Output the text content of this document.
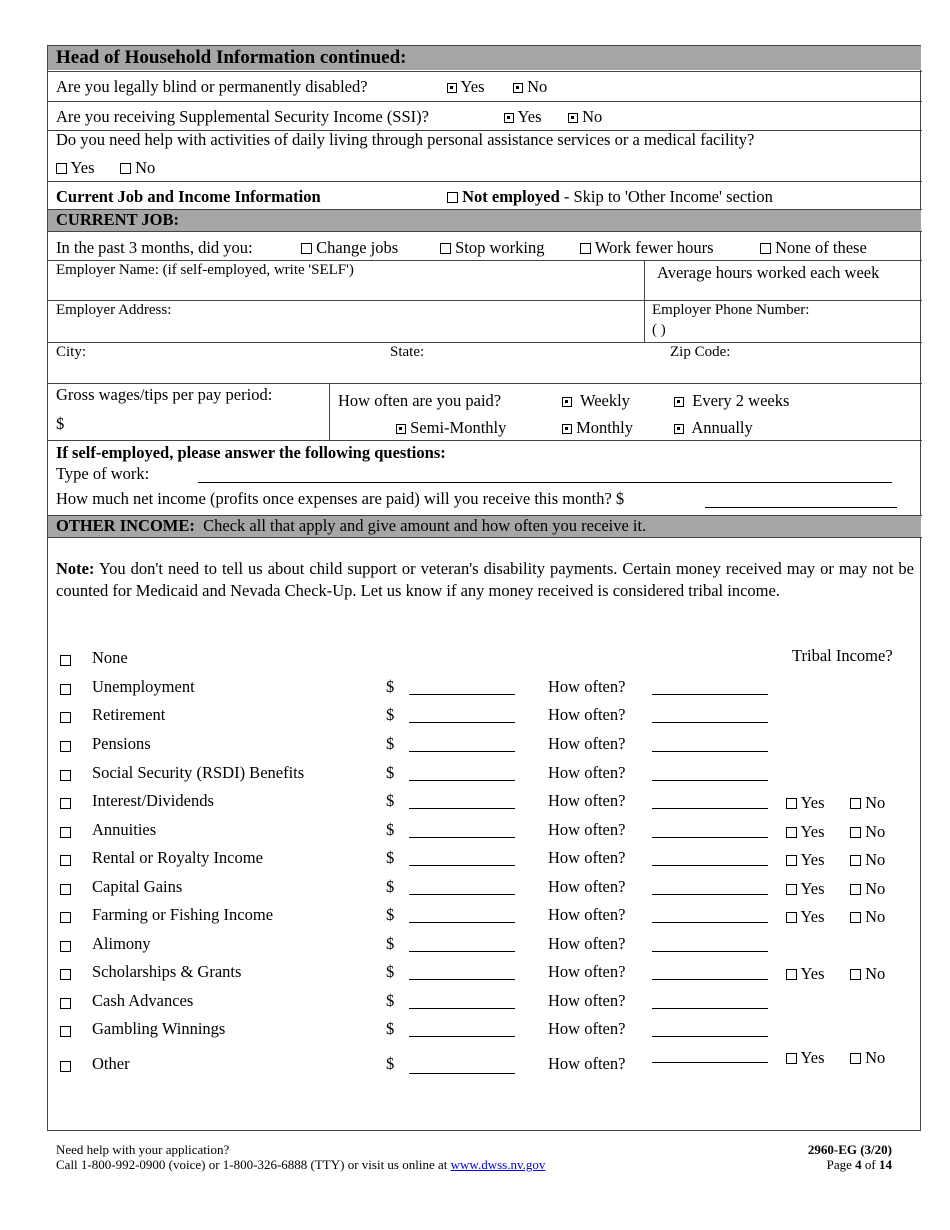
Head of Household Information continued:
Are you legally blind or permanently disabled?	Yes	No
Are you receiving Supplemental Security Income (SSI)?	Yes	No
Do you need help with activities of daily living through personal assistance services or a medical facility?
Yes	No
Current Job and Income Information	Not employed - Skip to 'Other Income' section
CURRENT JOB:
In the past 3 months, did you:	Change jobs	Stop working	Work fewer hours	None of these
Employer Name: (if self-employed, write 'SELF')	Average hours worked each week
Employer Address:	Employer Phone Number:
( )
City:	State:	Zip Code:
Gross wages/tips per pay period:
$
How often are you paid?	Weekly	Every 2 weeks
Semi-Monthly	Monthly	Annually
If self-employed, please answer the following questions:
Type of work:
How much net income (profits once expenses are paid) will you receive this month? $
OTHER INCOME: Check all that apply and give amount and how often you receive it.
Note: You don't need to tell us about child support or veteran's disability payments. Certain money received may or may not be counted for Medicaid and Nevada Check-Up. Let us know if any money received is considered tribal income.
Tribal Income?
None
Unemployment	$	How often?
Retirement	$	How often?
Pensions	$	How often?
Social Security (RSDI) Benefits	$	How often?
Interest/Dividends	$	How often?	Yes	No
Annuities	$	How often?	Yes	No
Rental or Royalty Income	$	How often?	Yes	No
Capital Gains	$	How often?	Yes	No
Farming or Fishing Income	$	How often?	Yes	No
Alimony	$	How often?
Scholarships & Grants	$	How often?	Yes	No
Cash Advances	$	How often?
Gambling Winnings	$	How often?
Other	$	How often?	Yes	No
Need help with your application?
Call 1-800-992-0900 (voice) or 1-800-326-6888 (TTY) or visit us online at www.dwss.nv.gov
2960-EG (3/20)
Page 4 of 14
